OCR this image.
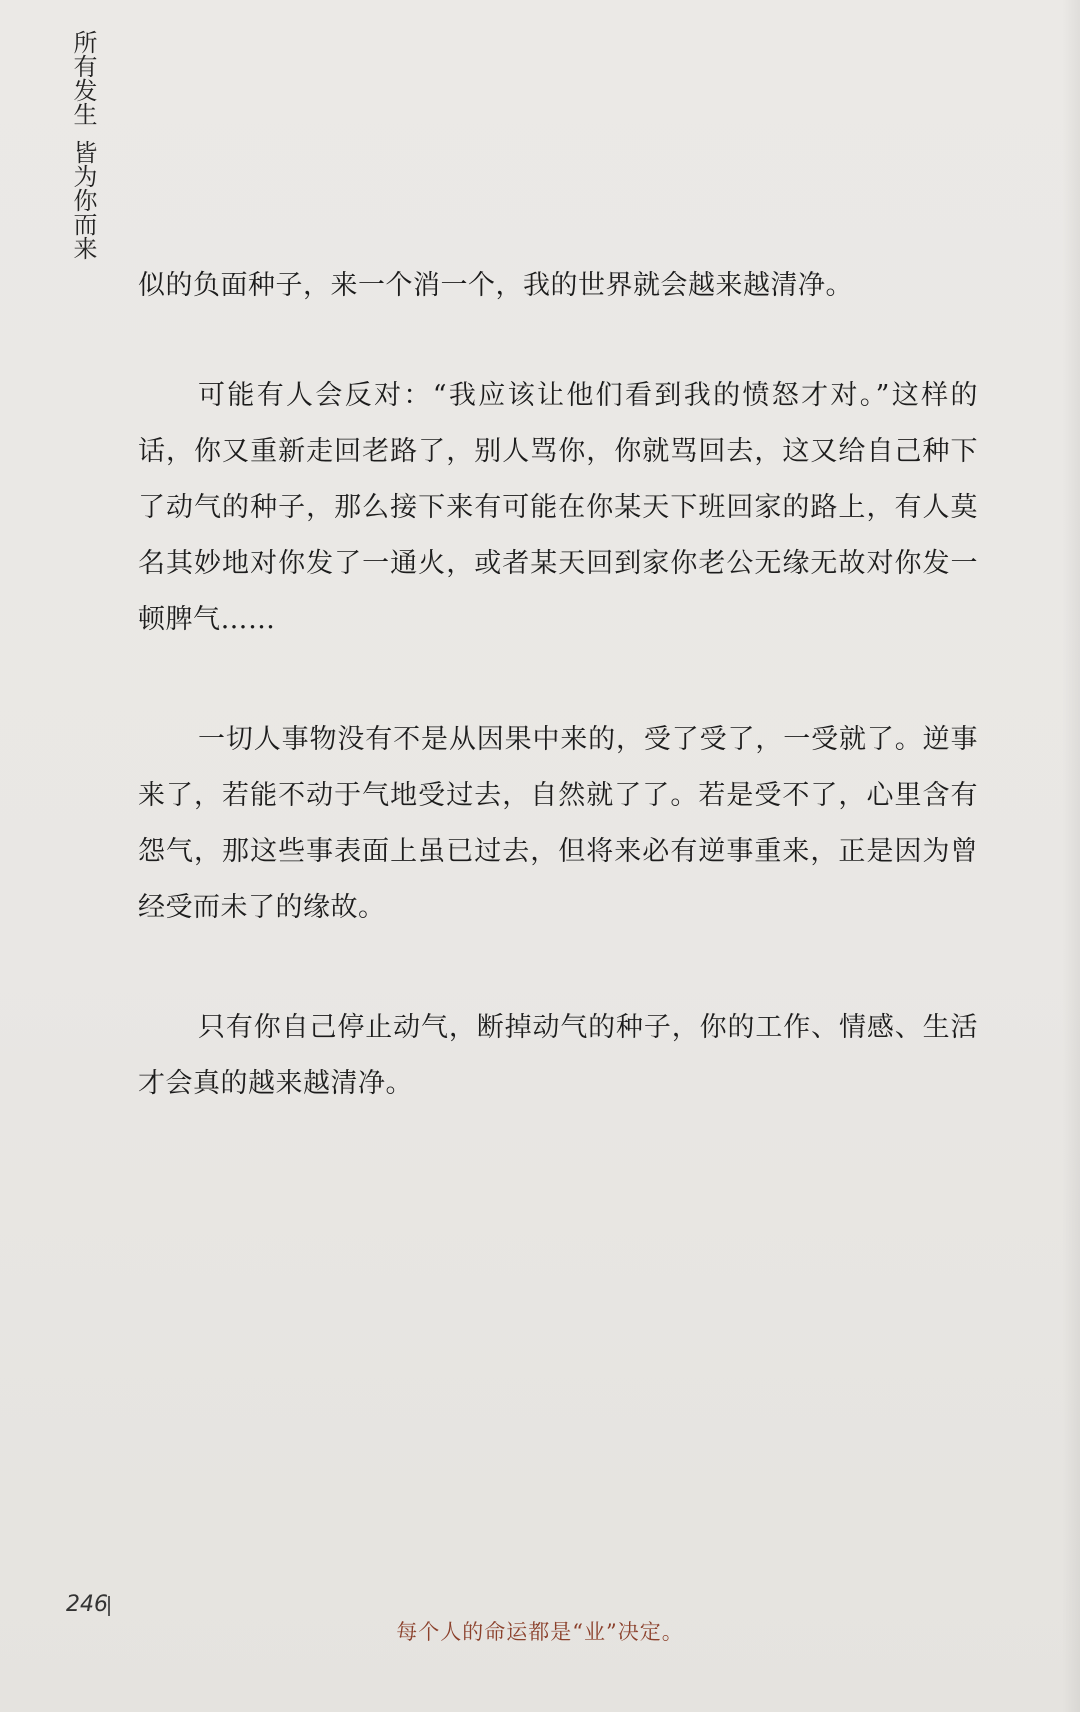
所有发生皆为你而来

似的负面种子，来一个消一个，我的世界就会越来越清净。

可能有人会反对：“我应该让他们看到我的愤怒才对。”这样的话，你又重新走回老路了，别人骂你，你就骂回去，这又给自己种下了动气的种子，那么接下来有可能在你某天下班回家的路上，有人莫名其妙地对你发了一通火，或者某天回到家你老公无缘无故对你发一顿脾气……

一切人事物没有不是从因果中来的，受了受了，一受就了。逆事来了，若能不动于气地受过去，自然就了了。若是受不了，心里含有怨气，那这些事表面上虽已过去，但将来必有逆事重来，正是因为曾经受而未了的缘故。

只有你自己停止动气，断掉动气的种子，你的工作、情感、生活才会真的越来越清净。

246
每个人的命运都是“业”决定。
